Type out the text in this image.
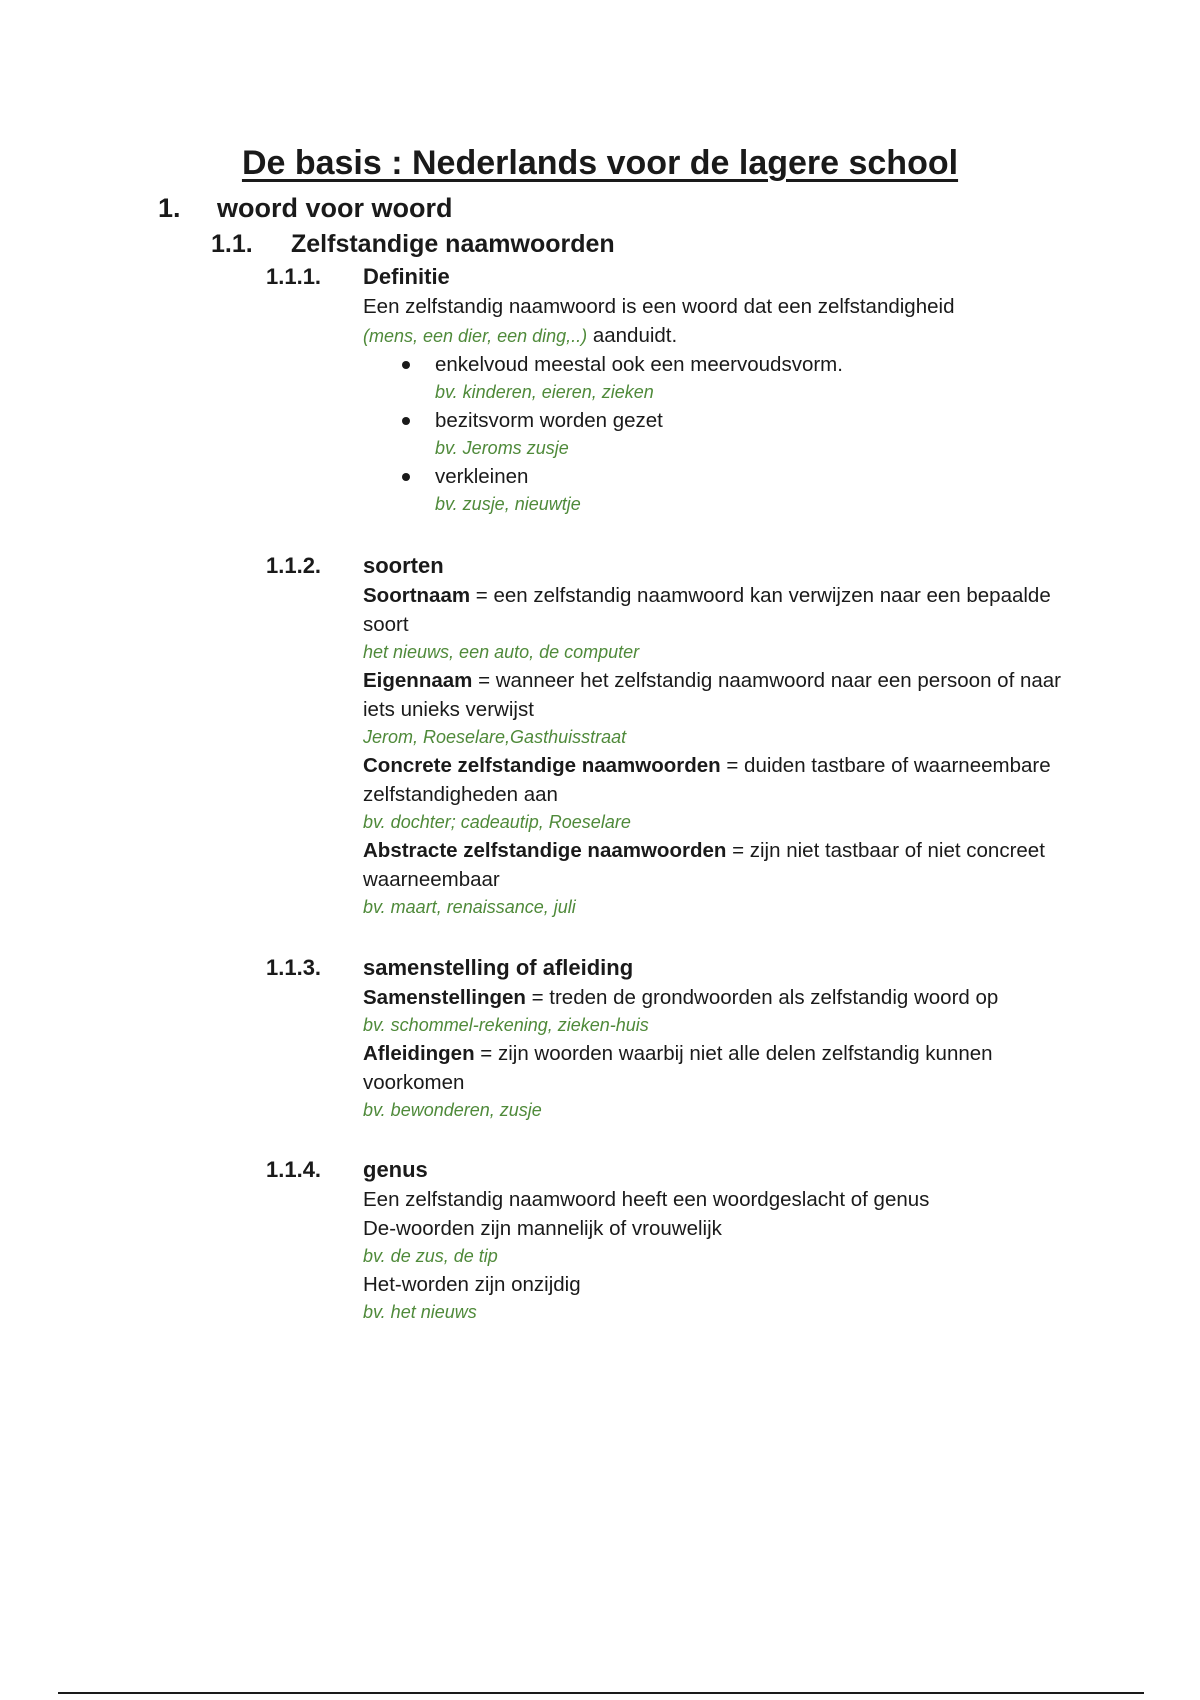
De basis : Nederlands voor de lagere school
1. woord voor woord
1.1. Zelfstandige naamwoorden
1.1.1. Definitie

Een zelfstandig naamwoord is een woord dat een zelfstandigheid

(mens, een dier, een ding,..) aanduidt.

enkelvoud meestal ook een meervoudsvorm.

bv. kinderen, eieren, zieken

bezitsvorm worden gezet

bv. Jeroms zusje

verkleinen

bv. zusje, nieuwtje

1.1.2. soorten

Soortnaam = een zelfstandig naamwoord kan verwijzen naar een bepaalde soort

het nieuws, een auto, de computer

Eigennaam = wanneer het zelfstandig naamwoord naar een persoon of naar iets unieks verwijst

Jerom, Roeselare,Gasthuisstraat

Concrete zelfstandige naamwoorden = duiden tastbare of waarneembare zelfstandigheden aan

bv. dochter; cadeautip, Roeselare

Abstracte zelfstandige naamwoorden = zijn niet tastbaar of niet concreet waarneembaar

bv. maart, renaissance, juli

1.1.3. samenstelling of afleiding

Samenstellingen = treden de grondwoorden als zelfstandig woord op

bv. schommel-rekening, zieken-huis

Afleidingen = zijn woorden waarbij niet alle delen zelfstandig kunnen voorkomen

bv. bewonderen, zusje

1.1.4. genus

Een zelfstandig naamwoord heeft een woordgeslacht of genus

De-woorden zijn mannelijk of vrouwelijk

bv. de zus, de tip

Het-worden zijn onzijdig

bv. het nieuws
